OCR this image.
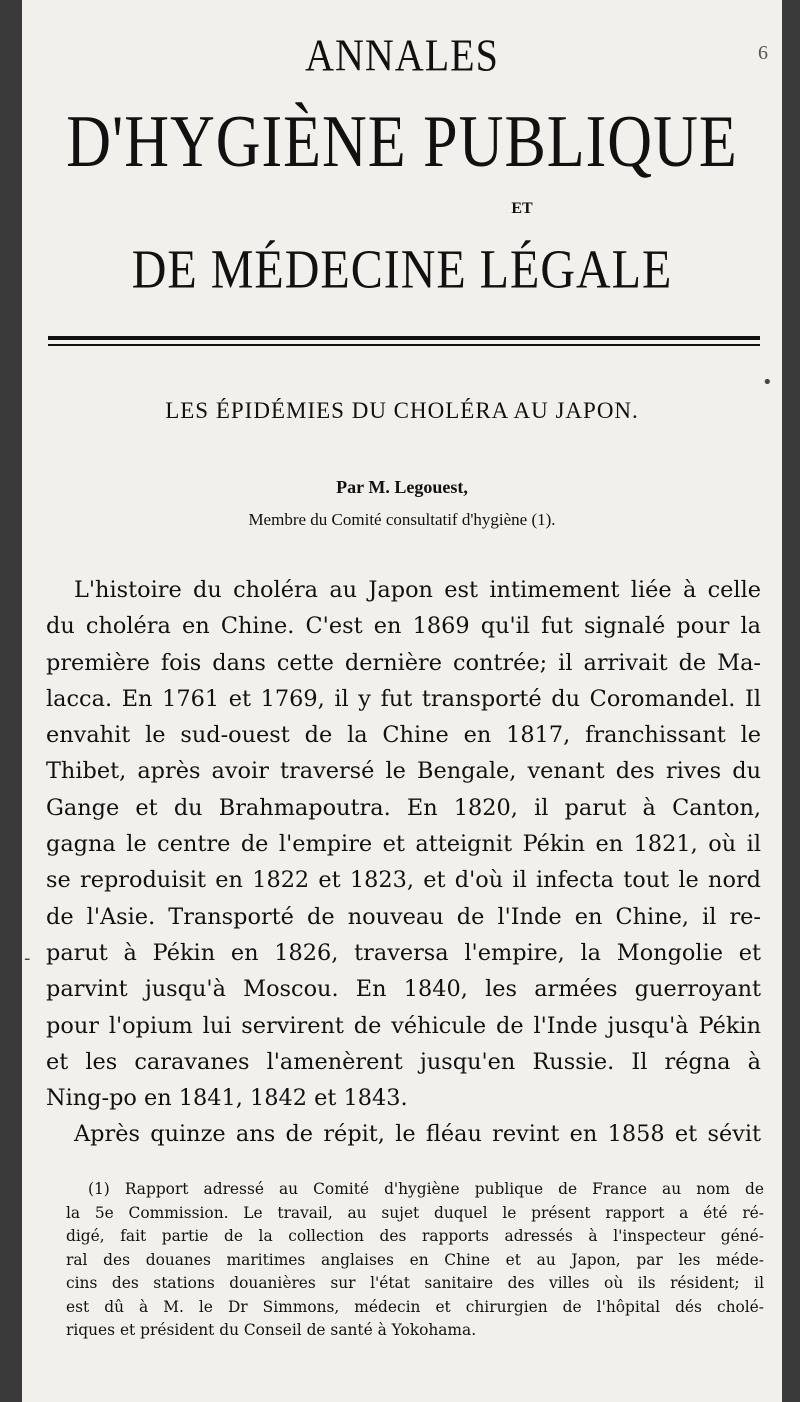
6
ANNALES
D'HYGIÈNE PUBLIQUE
ET
DE MÉDECINE LÉGALE
LES ÉPIDÉMIES DU CHOLÉRA AU JAPON.
Par M. Legouest,
Membre du Comité consultatif d'hygiène (1).
L'histoire du choléra au Japon est intimement liée à celle
du choléra en Chine. C'est en 1869 qu'il fut signalé pour la
première fois dans cette dernière contrée; il arrivait de Ma-
lacca. En 1761 et 1769, il y fut transporté du Coromandel. Il
envahit le sud-ouest de la Chine en 1817, franchissant le
Thibet, après avoir traversé le Bengale, venant des rives du
Gange et du Brahmapoutra. En 1820, il parut à Canton,
gagna le centre de l'empire et atteignit Pékin en 1821, où il
se reproduisit en 1822 et 1823, et d'où il infecta tout le nord
de l'Asie. Transporté de nouveau de l'Inde en Chine, il re-
parut à Pékin en 1826, traversa l'empire, la Mongolie et
parvint jusqu'à Moscou. En 1840, les armées guerroyant
pour l'opium lui servirent de véhicule de l'Inde jusqu'à Pékin
et les caravanes l'amenèrent jusqu'en Russie. Il régna à
Ning-po en 1841, 1842 et 1843.
Après quinze ans de répit, le fléau revint en 1858 et sévit
(1) Rapport adressé au Comité d'hygiène publique de France au nom de
la 5e Commission. Le travail, au sujet duquel le présent rapport a été ré-
digé, fait partie de la collection des rapports adressés à l'inspecteur géné-
ral des douanes maritimes anglaises en Chine et au Japon, par les méde-
cins des stations douanières sur l'état sanitaire des villes où ils résident; il
est dû à M. le Dr Simmons, médecin et chirurgien de l'hôpital dés cholé-
riques et président du Conseil de santé à Yokohama.
•
-
